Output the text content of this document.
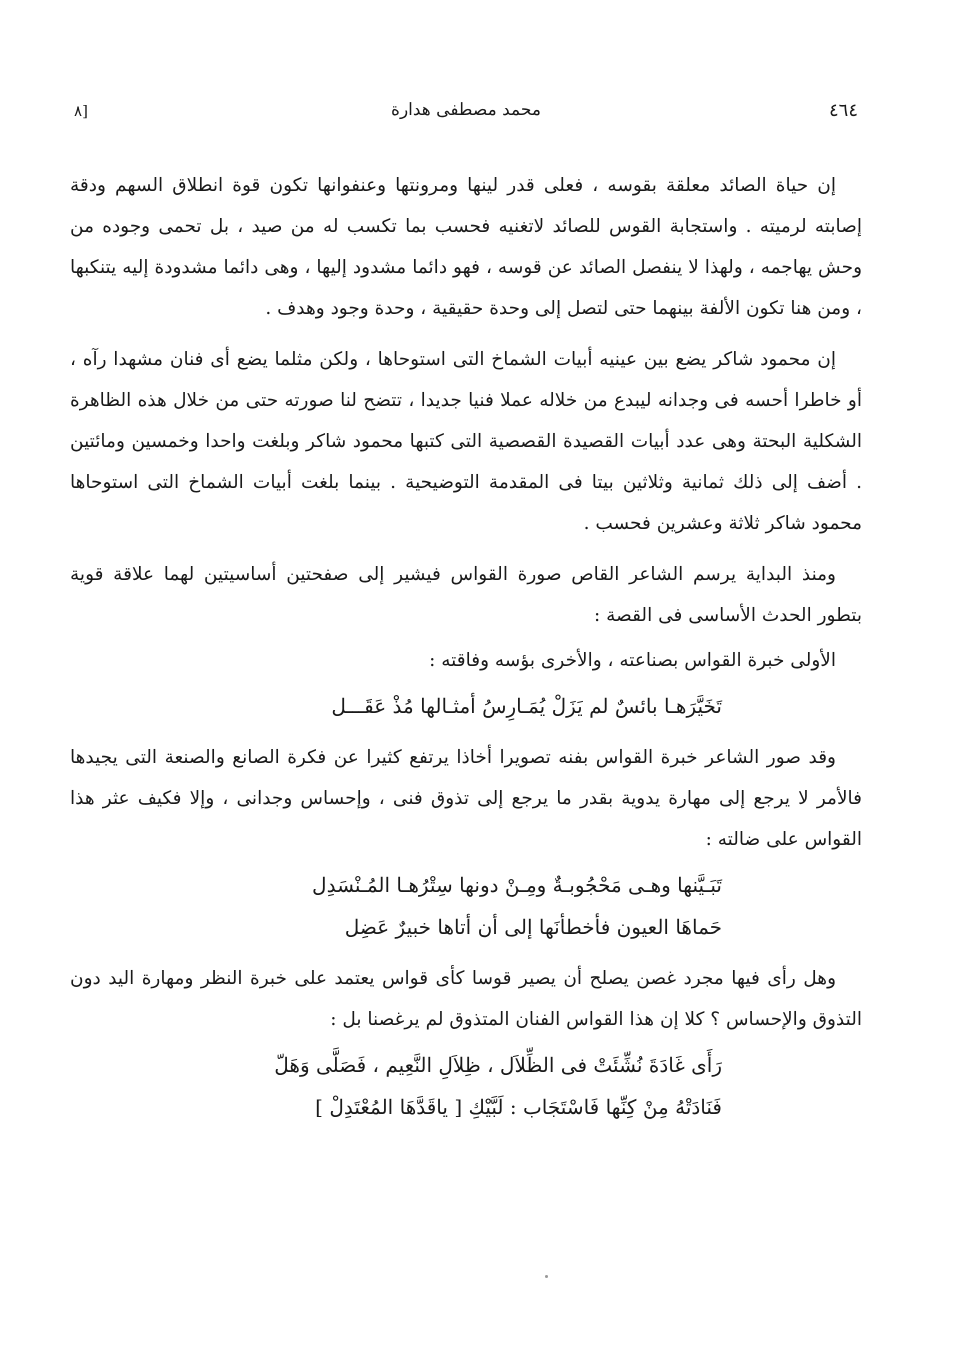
٤٦٤
محمد مصطفى هدارة
[٨

إن حياة الصائد معلقة بقوسه ، فعلى قدر لينها ومرونتها وعنفوانها تكون قوة انطلاق السهم ودقة إصابته لرميته . واستجابة القوس للصائد لاتغنيه فحسب بما تكسب له من صيد ، بل تحمى وجوده من وحش يهاجمه ، ولهذا لا ينفصل الصائد عن قوسه ، فهو دائما مشدود إليها ، وهى دائما مشدودة إليه يتنكبها ، ومن هنا تكون الألفة بينهما حتى لتصل إلى وحدة حقيقية ، وحدة وجود وهدف .

إن محمود شاكر يضع بين عينيه أبيات الشماخ التى استوحاها ، ولكن مثلما يضع أى فنان مشهدا رآه ، أو خاطرا أحسه فى وجدانه ليبدع من خلاله عملا فنيا جديدا ، تتضح لنا صورته حتى من خلال هذه الظاهرة الشكلية البحتة وهى عدد أبيات القصيدة القصصية التى كتبها محمود شاكر وبلغت واحدا وخمسين ومائتين . أضف إلى ذلك ثمانية وثلاثين بيتا فى المقدمة التوضيحية . بينما بلغت أبيات الشماخ التى استوحاها محمود شاكر ثلاثة وعشرين فحسب .

ومنذ البداية يرسم الشاعر القاص صورة القواس فيشير إلى صفحتين أساسيتين لهما علاقة قوية بتطور الحدث الأساسى فى القصة :

الأولى خبرة القواس بصناعته ، والأخرى بؤسه وفاقته :

تَخَيَّرَهـا بائسٌ لم يَزَلْ يُمَـارِسُ أمثـالها مُذْ عَقَـــل

وقد صور الشاعر خبرة القواس بفنه تصويرا أخاذا يرتفع كثيرا عن فكرة الصانع والصنعة التى يجيدها فالأمر لا يرجع إلى مهارة يدوية بقدر ما يرجع إلى تذوق فنى ، وإحساس وجدانى ، وإلا فكيف عثر هذا القواس على ضالته :

تَبَـيَّنها وهـى مَحْجُوبـةٌ ومِـنْ دونها سِتْرُهـا المُـنْسَدِل
حَماهَا العيون فأخطأنَها إلى أن أتاها خبيرٌ عَضِل

وهل رأى فيها مجرد غصن يصلح أن يصير قوسا كأى قواس يعتمد على خبرة النظر ومهارة اليد دون التذوق والإحساس ؟ كلا إن هذا القواس الفنان المتذوق لم يرغصنا بل :

رَأَى غَادَةَ نُشِّئَتْ فى الظِّلاَل ، ظِلاَلِ النَّعِيم ، فَصَلَّى وَهَلّ
فَنَادَتْهُ مِنْ كِنِّها فَاسْتَجَاب : لَبَّيْكِ [ ياقَدَّهَا المُعْتَدِلْ ]
